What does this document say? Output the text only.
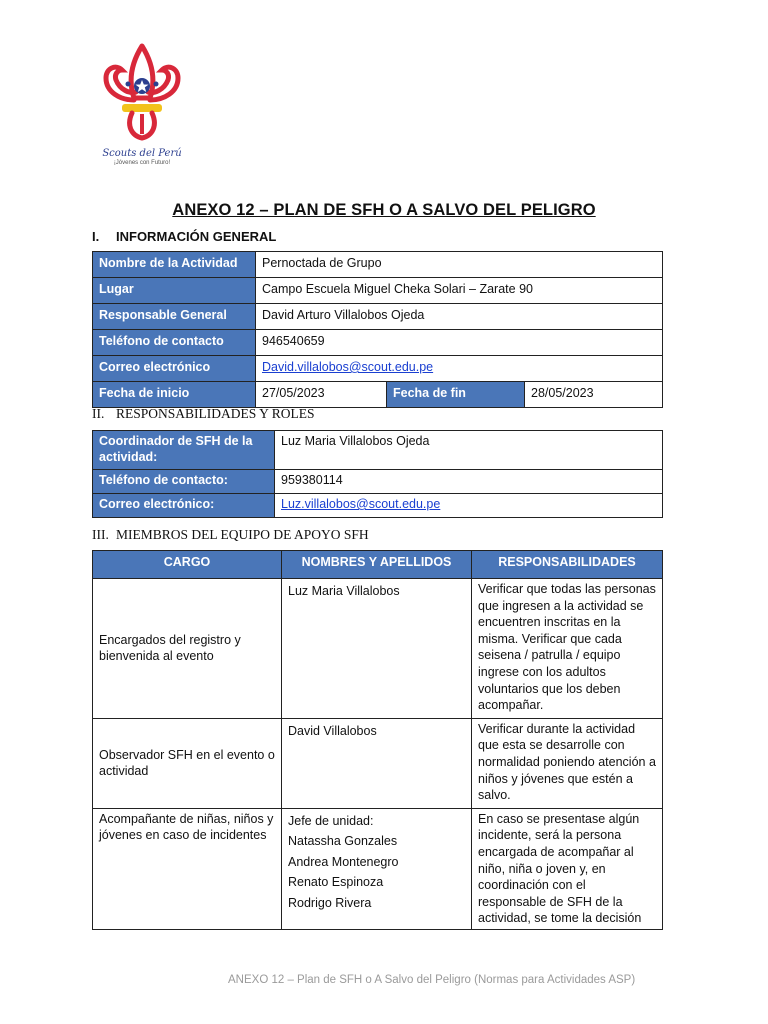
Scouts del Perú
¡Jóvenes con Futuro!
ANEXO 12 – PLAN DE SFH O A SALVO DEL PELIGRO
I.	INFORMACIÓN GENERAL
Nombre de la Actividad	Pernoctada de Grupo		
Lugar	Campo Escuela Miguel Cheka Solari – Zarate 90		
Responsable General	David Arturo Villalobos Ojeda		
Teléfono de contacto	946540659		
Correo electrónico	David.villalobos@scout.edu.pe		
Fecha de inicio	27/05/2023	Fecha de fin	28/05/2023
II. RESPONSABILIDADES Y ROLES
Coordinador de SFH de la actividad:	Luz Maria Villalobos Ojeda
Teléfono de contacto:	959380114
Correo electrónico:	Luz.villalobos@scout.edu.pe
III. MIEMBROS DEL EQUIPO DE APOYO SFH
CARGO	NOMBRES Y APELLIDOS	RESPONSABILIDADES
Encargados del registro y bienvenida al evento	Luz Maria Villalobos	Verificar que todas las personas que ingresen a la actividad se encuentren inscritas en la misma. Verificar que cada seisena / patrulla / equipo ingrese con los adultos voluntarios que los deben acompañar.
Observador SFH en el evento o actividad	David Villalobos	Verificar durante la actividad que esta se desarrolle con normalidad poniendo atención a niños y jóvenes que estén a salvo.
Acompañante de niñas, niños y jóvenes en caso de incidentes	Jefe de unidad:
Natassha Gonzales
Andrea Montenegro
Renato Espinoza
Rodrigo Rivera	En caso se presentase algún incidente, será la persona encargada de acompañar al niño, niña o joven y, en coordinación con el responsable de SFH de la actividad, se tome la decisión
ANEXO 12 – Plan de SFH o A Salvo del Peligro (Normas para Actividades ASP)
